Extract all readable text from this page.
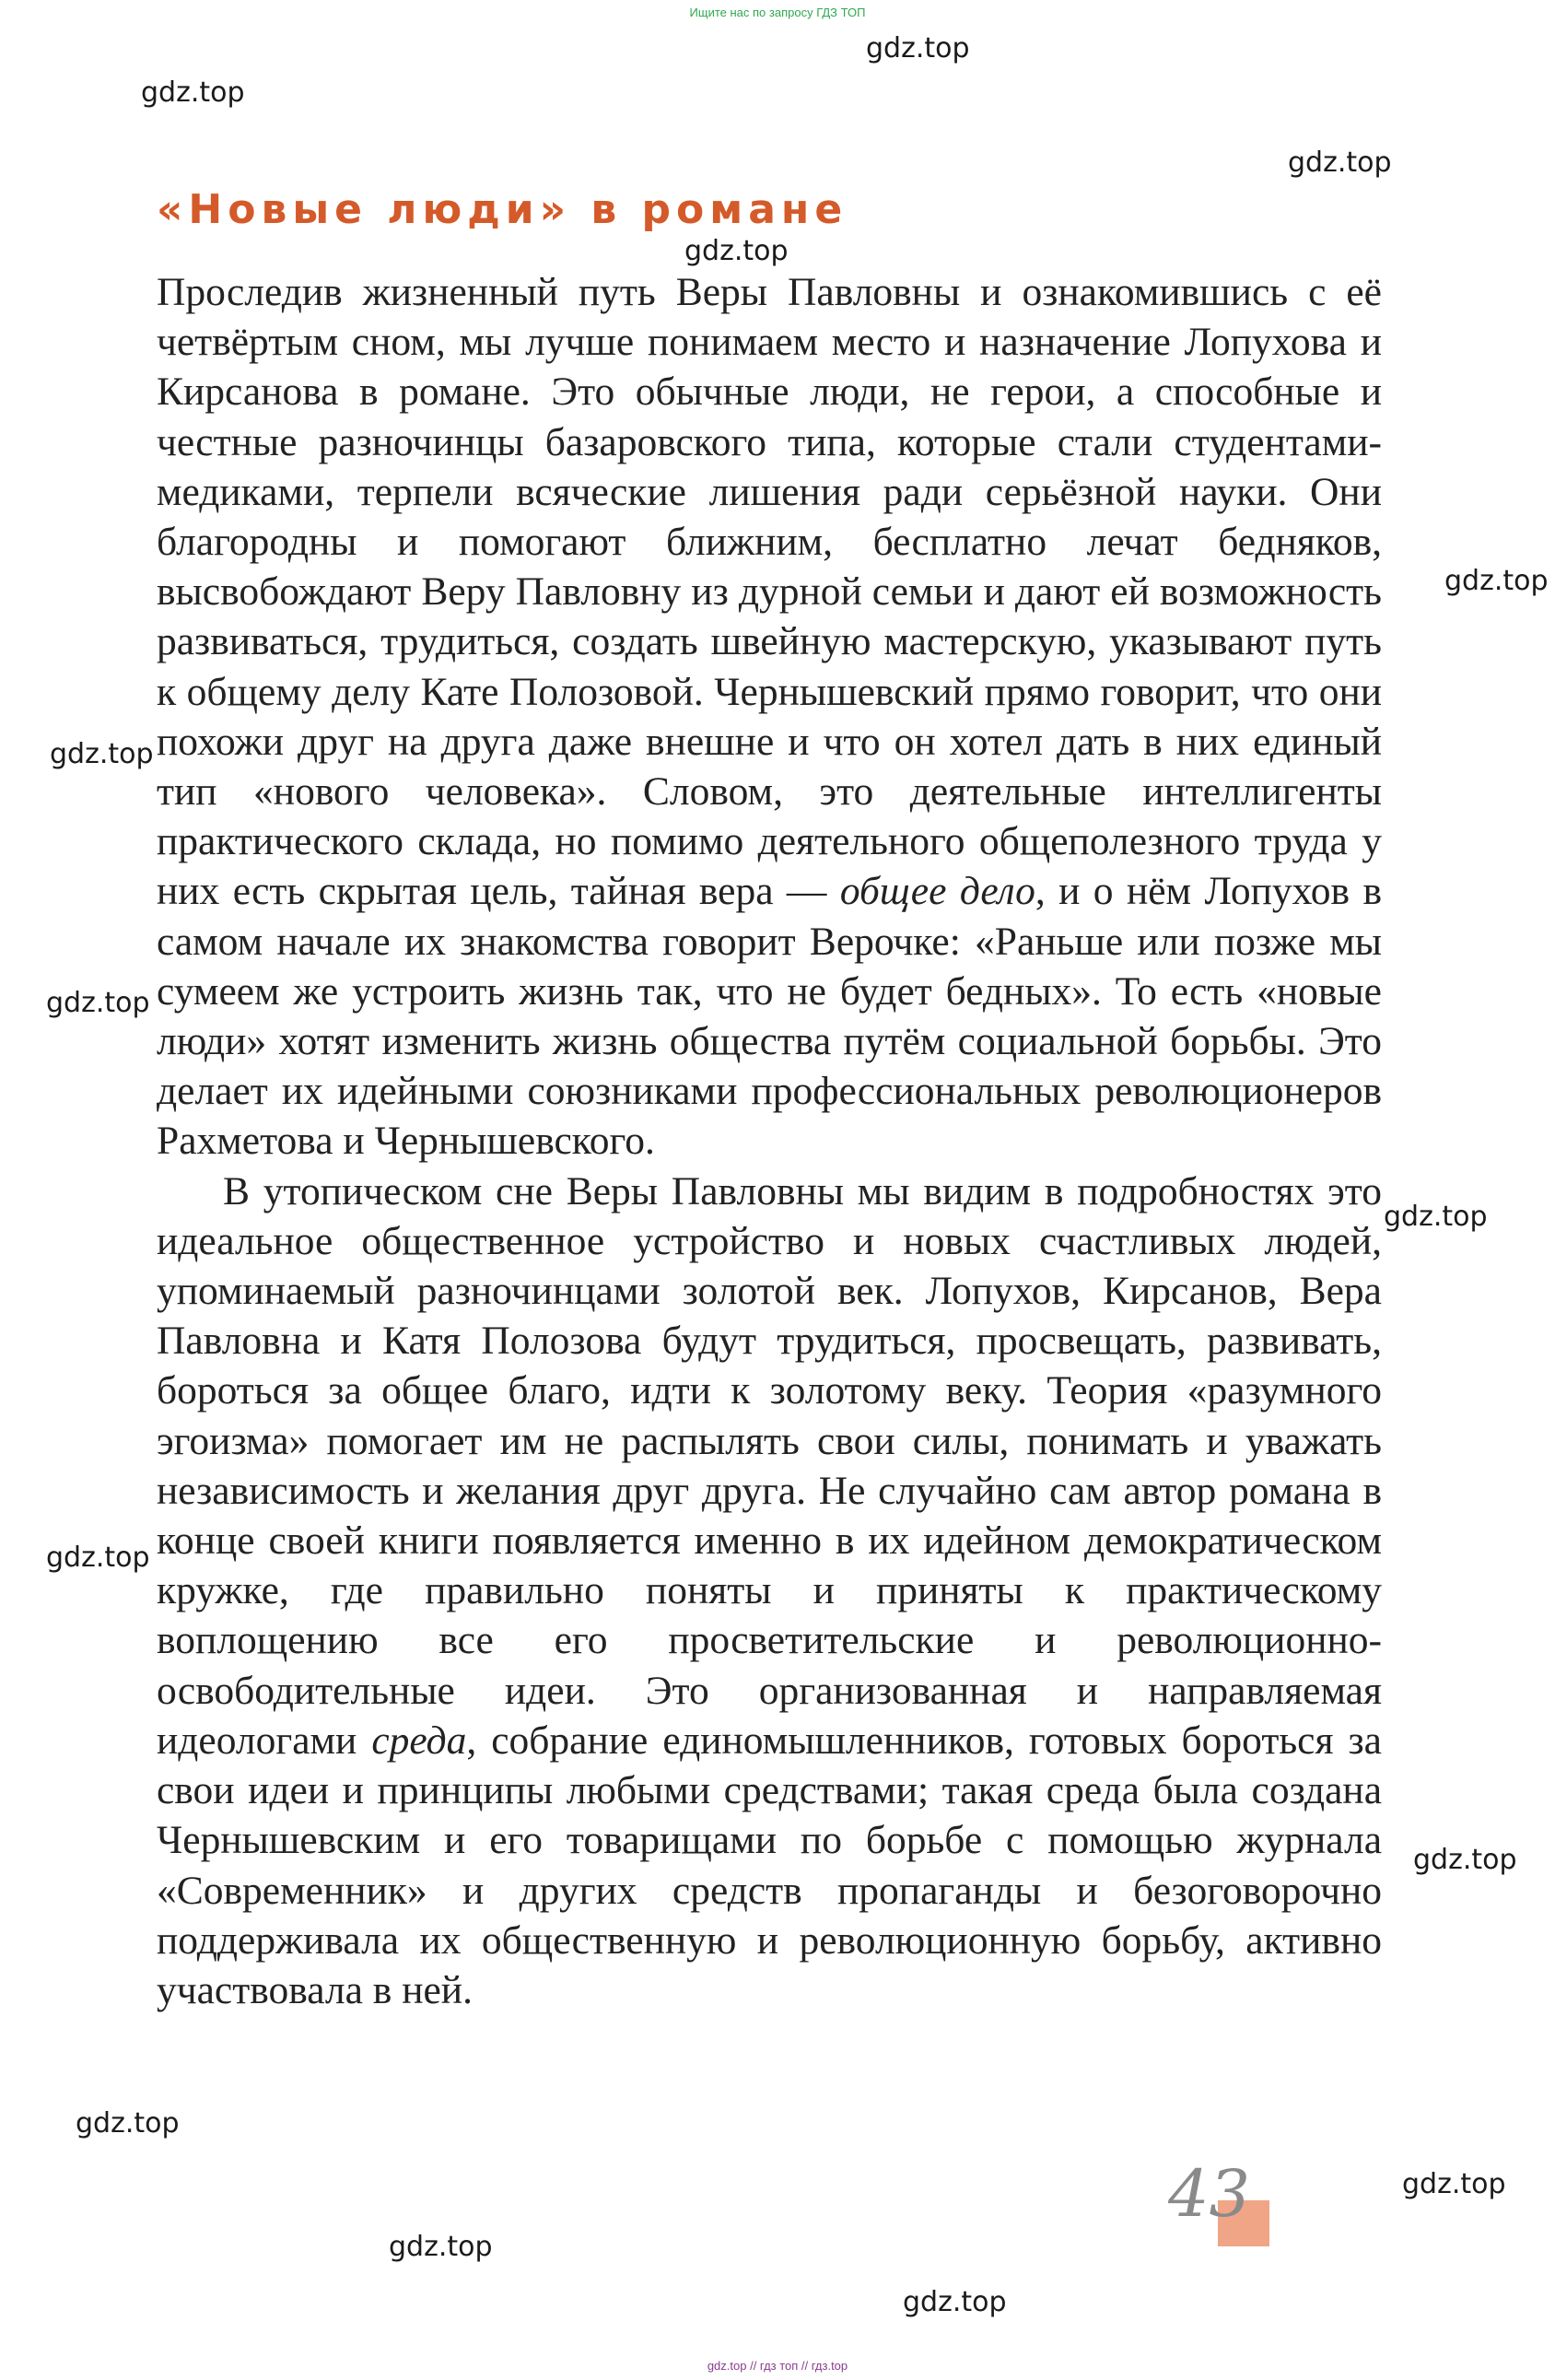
Ищите нас по запросу ГДЗ ТОП
gdz.top
gdz.top
gdz.top
gdz.top
gdz.top
gdz.top
gdz.top
gdz.top
gdz.top
gdz.top
gdz.top
gdz.top
gdz.top
gdz.top
«Новые люди» в романе

Проследив жизненный путь Веры Павловны и ознакомившись с её четвёртым сном, мы лучше понимаем место и назначение Лопухова и Кирсанова в романе. Это обычные люди, не герои, а способные и честные разночинцы базаровского типа, которые стали студентами-медиками, терпели всяческие лишения ради серьёзной науки. Они благородны и помогают ближним, бесплатно лечат бедняков, высвобождают Веру Павловну из дурной семьи и дают ей возможность развиваться, трудиться, создать швейную мастерскую, указывают путь к общему делу Кате Полозовой. Чернышевский прямо говорит, что они похожи друг на друга даже внешне и что он хотел дать в них единый тип «нового человека». Словом, это деятельные интеллигенты практического склада, но помимо деятельного общеполезного труда у них есть скрытая цель, тайная вера — общее дело, и о нём Лопухов в самом начале их знакомства говорит Верочке: «Раньше или позже мы сумеем же устроить жизнь так, что не будет бедных». То есть «новые люди» хотят изменить жизнь общества путём социальной борьбы. Это делает их идейными союзниками профессиональных революционеров Рахметова и Чернышевского.

В утопическом сне Веры Павловны мы видим в подробностях это идеальное общественное устройство и новых счастливых людей, упоминаемый разночинцами золотой век. Лопухов, Кирсанов, Вера Павловна и Катя Полозова будут трудиться, просвещать, развивать, бороться за общее благо, идти к золотому веку. Теория «разумного эгоизма» помогает им не распылять свои силы, понимать и уважать независимость и желания друг друга. Не случайно сам автор романа в конце своей книги появляется именно в их идейном демократическом кружке, где правильно поняты и приняты к практическому воплощению все его просветительские и революционно-освободительные идеи. Это организованная и направляемая идеологами среда, собрание единомышленников, готовых бороться за свои идеи и принципы любыми средствами; такая среда была создана Чернышевским и его товарищами по борьбе с помощью журнала «Современник» и других средств пропаганды и безоговорочно поддерживала их общественную и революционную борьбу, активно участвовала в ней.

43
gdz.top // гдз топ // гдз.top
